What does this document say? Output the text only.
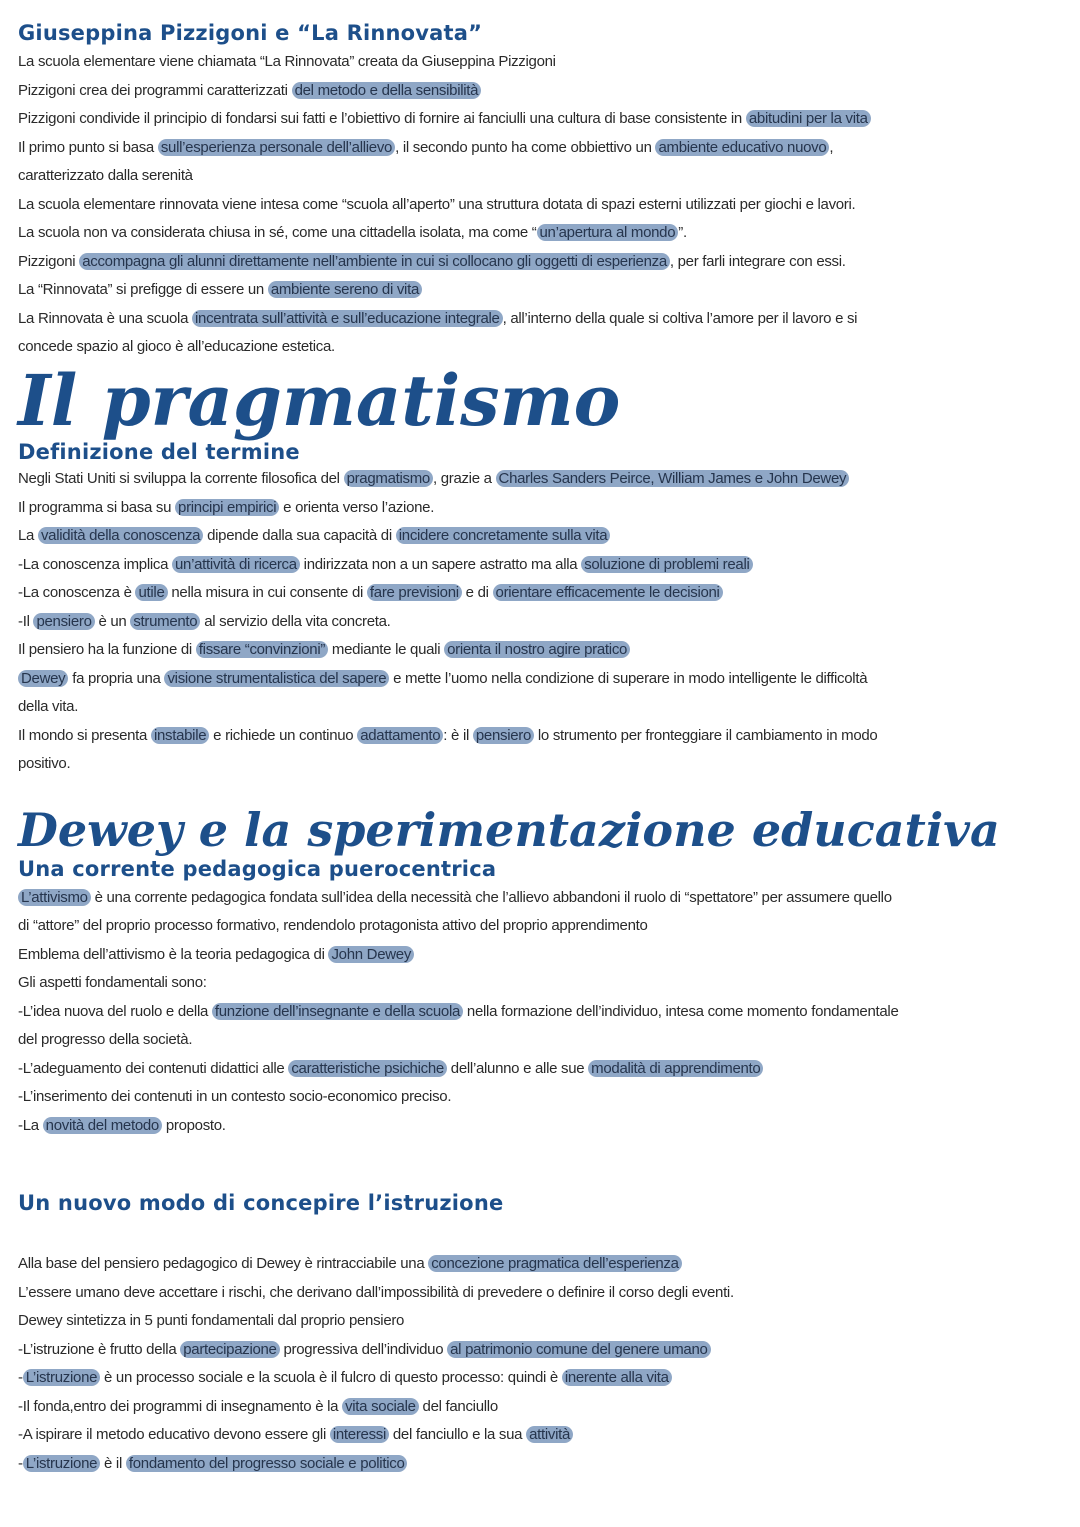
Giuseppina Pizzigoni e “La Rinnovata”
La scuola elementare viene chiamata “La Rinnovata” creata da Giuseppina Pizzigoni
Pizzigoni crea dei programmi caratterizzati del metodo e della sensibilità
Pizzigoni condivide il principio di fondarsi sui fatti e l’obiettivo di fornire ai fanciulli una cultura di base consistente in abitudini per la vita
Il primo punto si basa sull’esperienza personale dell’allievo , il secondo punto ha come obbiettivo un ambiente educativo nuovo ,
caratterizzato dalla serenità
La scuola elementare rinnovata viene intesa come “scuola all’aperto” una struttura dotata di spazi esterni utilizzati per giochi e lavori.
La scuola non va considerata chiusa in sé, come una cittadella isolata, ma come “ un’apertura al mondo ”.
Pizzigoni accompagna gli alunni direttamente nell’ambiente in cui si collocano gli oggetti di esperienza , per farli integrare con essi.
La “Rinnovata” si prefigge di essere un ambiente sereno di vita
La Rinnovata è una scuola incentrata sull’attività e sull’educazione integrale , all’interno della quale si coltiva l’amore per il lavoro e si
concede spazio al gioco è all’educazione estetica.
Il pragmatismo
Definizione del termine
Negli Stati Uniti si sviluppa la corrente filosofica del pragmatismo , grazie a Charles Sanders Peirce, William James e John Dewey
Il programma si basa su principi empirici e orienta verso l’azione.
La validità della conoscenza dipende dalla sua capacità di incidere concretamente sulla vita
-La conoscenza implica un’attività di ricerca indirizzata non a un sapere astratto ma alla soluzione di problemi reali
-La conoscenza è utile nella misura in cui consente di fare previsioni e di orientare efficacemente le decisioni
-Il pensiero è un strumento al servizio della vita concreta.
Il pensiero ha la funzione di fissare “convinzioni” mediante le quali orienta il nostro agire pratico
Dewey fa propria una visione strumentalistica del sapere e mette l’uomo nella condizione di superare in modo intelligente le difficoltà
della vita.
Il mondo si presenta instabile e richiede un continuo adattamento : è il pensiero lo strumento per fronteggiare il cambiamento in modo
positivo.
Dewey e la sperimentazione educativa
Una corrente pedagogica puerocentrica
L’attivismo è una corrente pedagogica fondata sull’idea della necessità che l’allievo abbandoni il ruolo di “spettatore” per assumere quello
di “attore” del proprio processo formativo, rendendolo protagonista attivo del proprio apprendimento
Emblema dell’attivismo è la teoria pedagogica di John Dewey
Gli aspetti fondamentali sono:
-L’idea nuova del ruolo e della funzione dell’insegnante e della scuola nella formazione dell’individuo, intesa come momento fondamentale
del progresso della società.
-L’adeguamento dei contenuti didattici alle caratteristiche psichiche dell’alunno e alle sue modalità di apprendimento
-L’inserimento dei contenuti in un contesto socio-economico preciso.
-La novità del metodo proposto.
Un nuovo modo di concepire l’istruzione
Alla base del pensiero pedagogico di Dewey è rintracciabile una concezione pragmatica dell’esperienza
L’essere umano deve accettare i rischi, che derivano dall’impossibilità di prevedere o definire il corso degli eventi.
Dewey sintetizza in 5 punti fondamentali dal proprio pensiero
-L’istruzione è frutto della partecipazione progressiva dell’individuo al patrimonio comune del genere umano
- L’istruzione è un processo sociale e la scuola è il fulcro di questo processo: quindi è inerente alla vita
-Il fonda,entro dei programmi di insegnamento è la vita sociale del fanciullo
-A ispirare il metodo educativo devono essere gli interessi del fanciullo e la sua attività
- L’istruzione è il fondamento del progresso sociale e politico
